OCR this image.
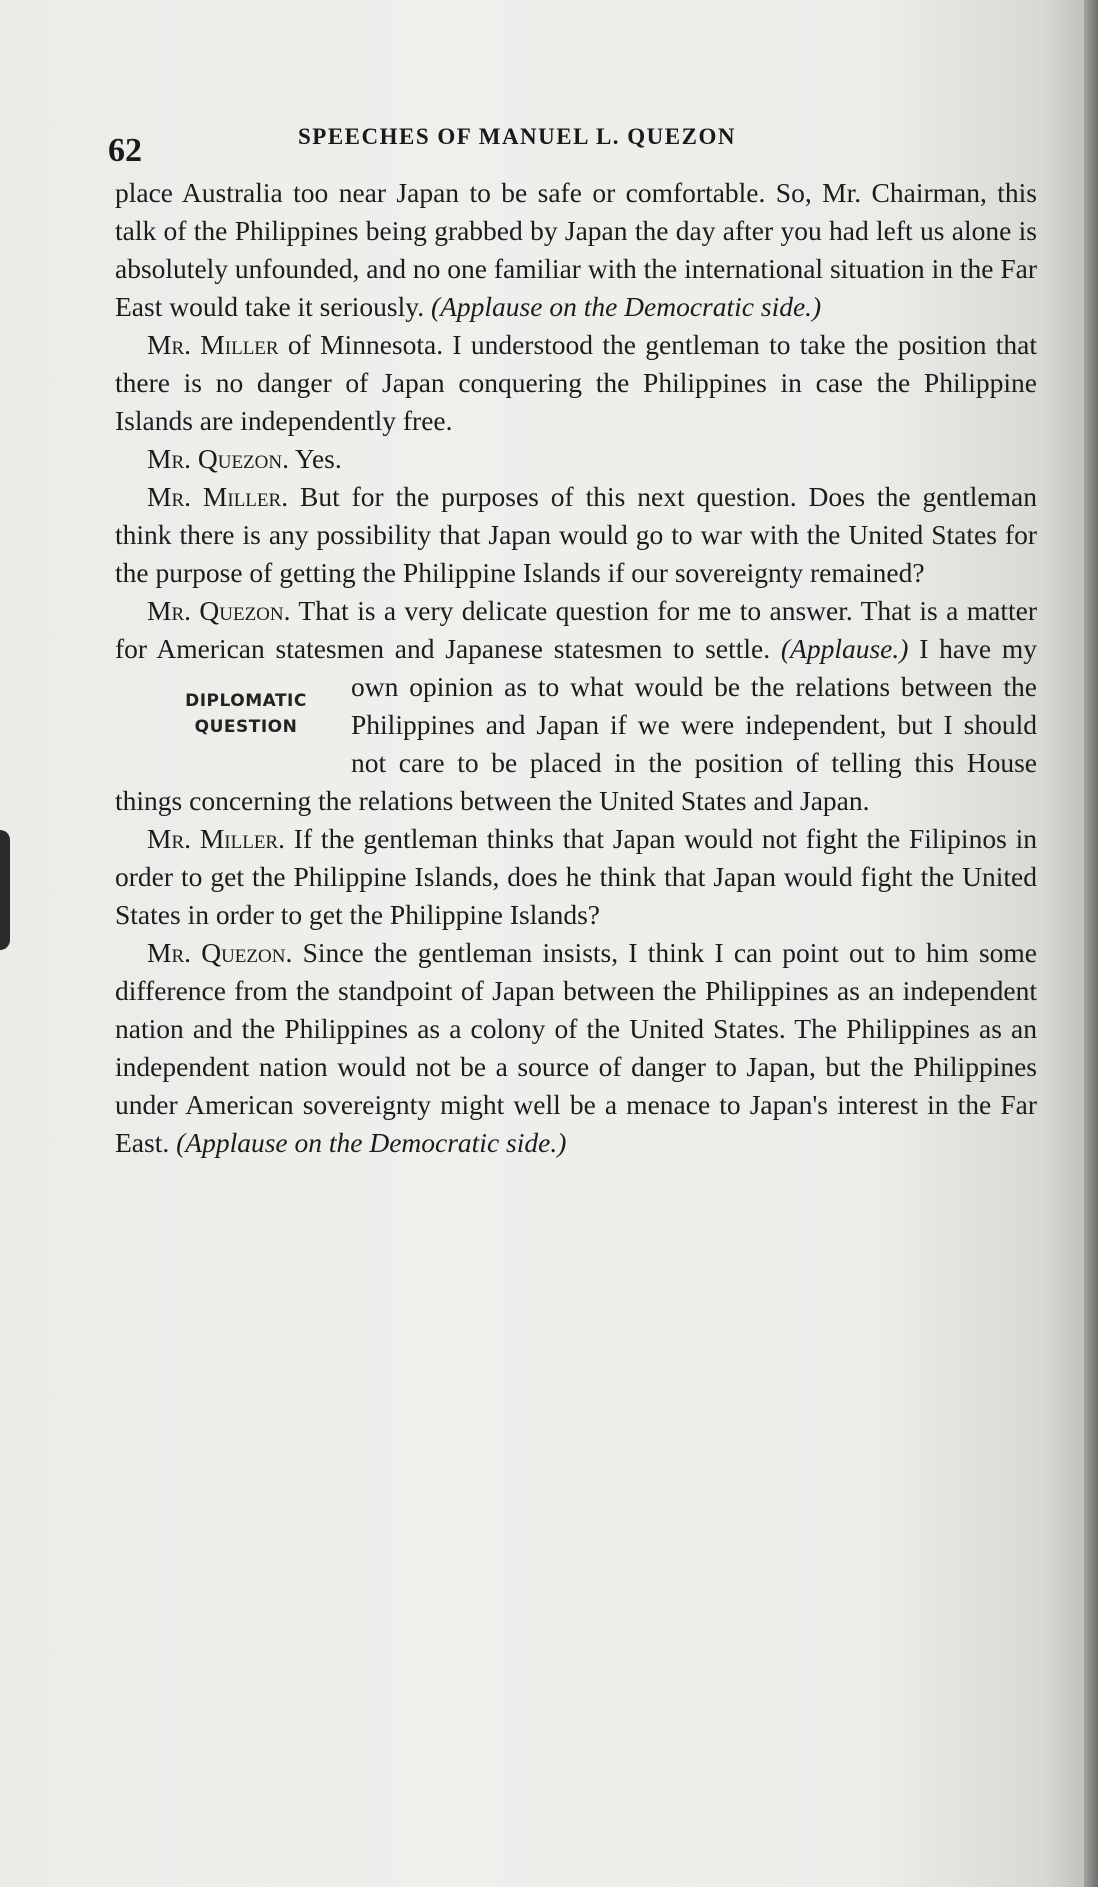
62	SPEECHES OF MANUEL L. QUEZON

place Australia too near Japan to be safe or comfortable. So, Mr. Chairman, this talk of the Philippines being grabbed by Japan the day after you had left us alone is absolutely unfounded, and no one familiar with the international situation in the Far East would take it seriously. (Applause on the Democratic side.)

Mr. Miller of Minnesota. I understood the gentleman to take the position that there is no danger of Japan conquering the Philippines in case the Philippine Islands are independently free.

Mr. Quezon. Yes.

Mr. Miller. But for the purposes of this next question. Does the gentleman think there is any possibility that Japan would go to war with the United States for the purpose of getting the Philippine Islands if our sovereignty remained?

Mr. Quezon. That is a very delicate question for me to answer. That is a matter for American statesmen and Japanese statesmen to settle. (Applause.)
DIPLOMATIC
QUESTION
I have my own opinion as to what would be the relations between the Philippines and Japan if we were independent, but I should not care to be placed in the position of telling this House things concerning the relations between the United States and Japan.

Mr. Miller. If the gentleman thinks that Japan would not fight the Filipinos in order to get the Philippine Islands, does he think that Japan would fight the United States in order to get the Philippine Islands?

Mr. Quezon. Since the gentleman insists, I think I can point out to him some difference from the standpoint of Japan between the Philippines as an independent nation and the Philippines as a colony of the United States. The Philippines as an independent nation would not be a source of danger to Japan, but the Philippines under American sovereignty might well be a menace to Japan's interest in the Far East. (Applause on the Democratic side.)
